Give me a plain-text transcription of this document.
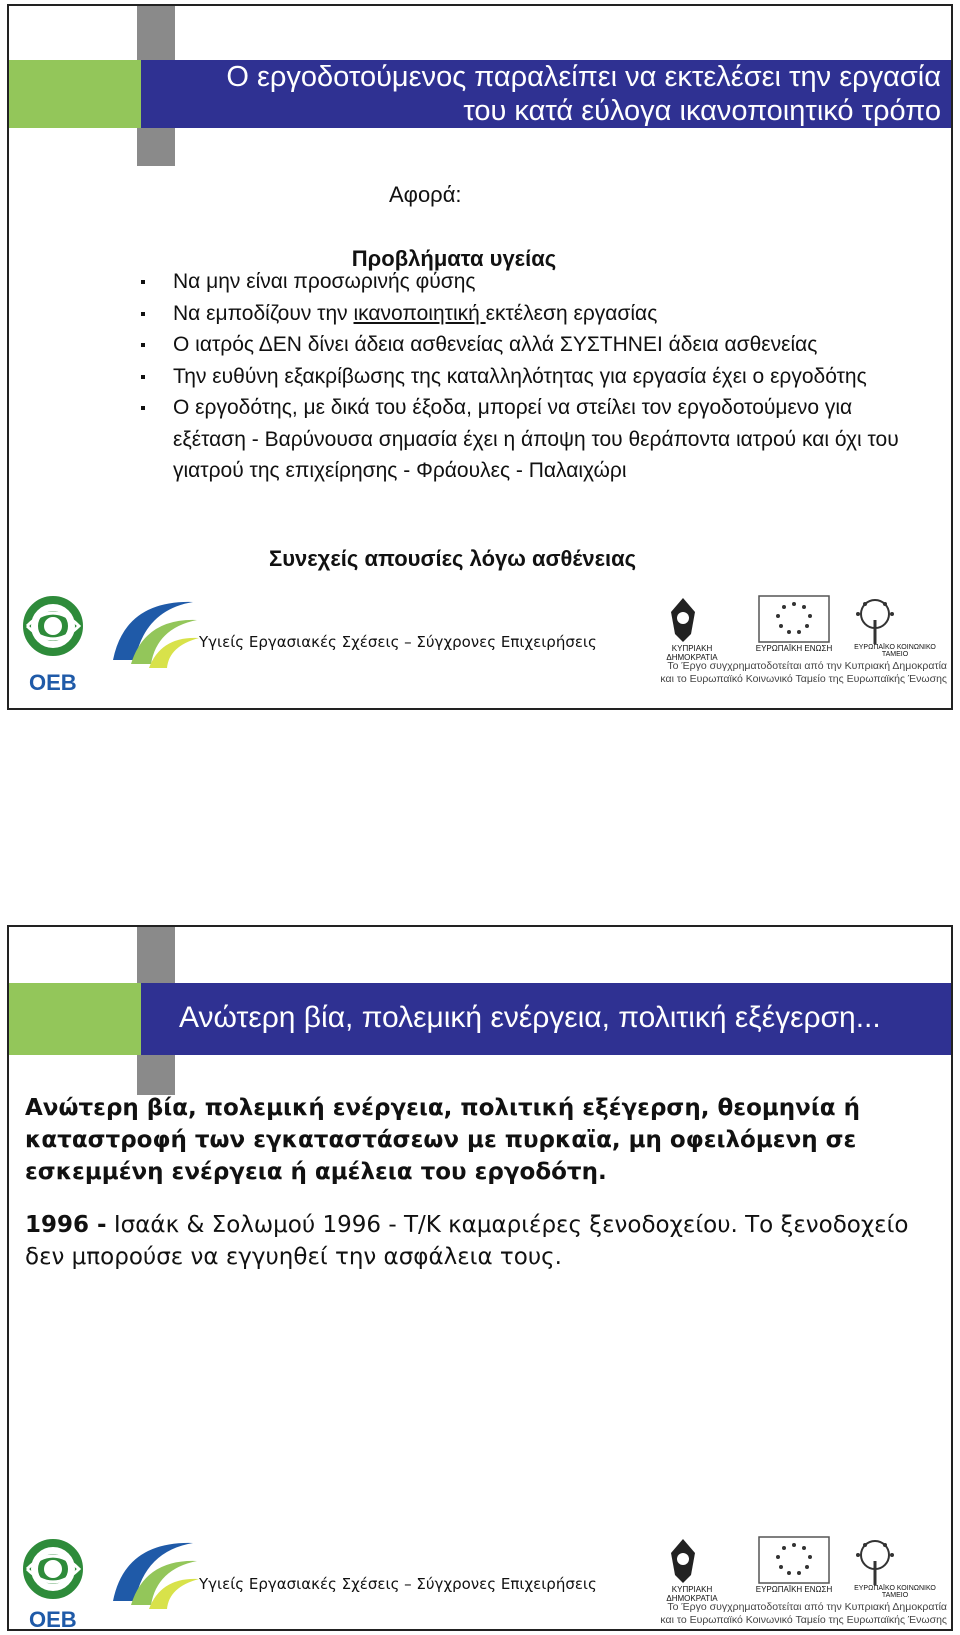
Ο εργοδοτούμενος παραλείπει να εκτελέσει την εργασία
του κατά εύλογα ικανοποιητικό τρόπο
Αφορά:
Προβλήματα υγείας
Να μην είναι προσωρινής φύσης
Να εμποδίζουν την ικανοποιητική εκτέλεση εργασίας
Ο ιατρός ΔΕΝ δίνει άδεια ασθενείας αλλά ΣΥΣΤΗΝΕΙ άδεια ασθενείας
Την ευθύνη εξακρίβωσης της καταλληλότητας για εργασία έχει ο εργοδότης
Ο εργοδότης, με δικά του έξοδα, μπορεί να στείλει τον εργοδοτούμενο για εξέταση - Βαρύνουσα σημασία έχει η άποψη του θεράποντα ιατρού και όχι του γιατρού της επιχείρησης - Φράουλες - Παλαιχώρι
Συνεχείς απουσίες λόγω ασθένειας
OEB
Υγιείς Εργασιακές Σχέσεις – Σύγχρονες Επιχειρήσεις	ΚΥΠΡΙΑΚΗ ΔΗΜΟΚΡΑΤΙΑ
ΕΥΡΩΠΑΪΚΗ ΕΝΩΣΗ	ΕΥΡΩΠΑΪΚΟ ΚΟΙΝΩΝΙΚΟ ΤΑΜΕΙΟ
Το Έργο συγχρηματοδοτείται από την Κυπριακή Δημοκρατία
και το Ευρωπαϊκό Κοινωνικό Ταμείο της Ευρωπαϊκής Ένωσης
Ανώτερη βία, πολεμική ενέργεια, πολιτική εξέγερση...
Ανώτερη βία, πολεμική ενέργεια, πολιτική εξέγερση, θεομηνία ή καταστροφή των εγκαταστάσεων με πυρκαϊα, μη οφειλόμενη σε εσκεμμένη ενέργεια ή αμέλεια του εργοδότη.
1996 - Ισαάκ & Σολωμού 1996 - Τ/Κ καμαριέρες ξενοδοχείου. Το ξενοδοχείο δεν μπορούσε να εγγυηθεί την ασφάλεια τους.
OEB
Υγιείς Εργασιακές Σχέσεις – Σύγχρονες Επιχειρήσεις	ΚΥΠΡΙΑΚΗ ΔΗΜΟΚΡΑΤΙΑ
ΕΥΡΩΠΑΪΚΗ ΕΝΩΣΗ	ΕΥΡΩΠΑΪΚΟ ΚΟΙΝΩΝΙΚΟ ΤΑΜΕΙΟ
Το Έργο συγχρηματοδοτείται από την Κυπριακή Δημοκρατία
και το Ευρωπαϊκό Κοινωνικό Ταμείο της Ευρωπαϊκής Ένωσης
